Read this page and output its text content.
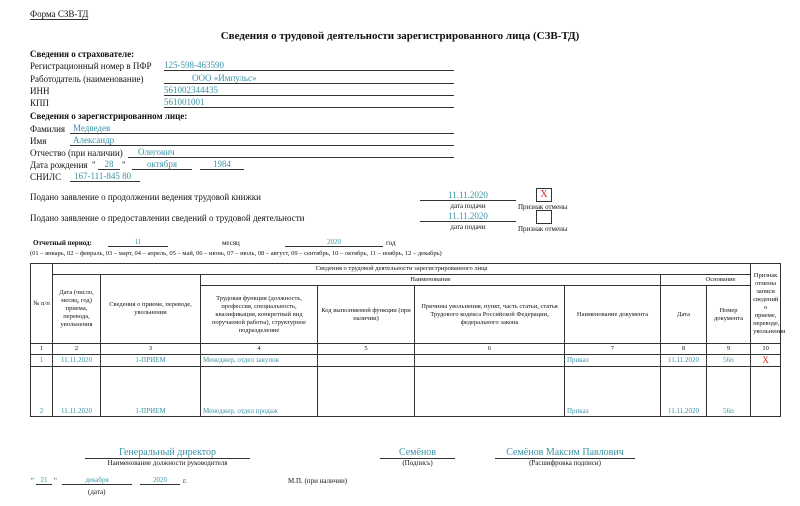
Форма СЗВ-ТД
Сведения о трудовой деятельности зарегистрированного лица (СЗВ-ТД)
Сведения о страхователе:
Регистрационный номер в ПФР 125-598-463590
Работодатель (наименование)	ООО «Импульс»
ИНН	561002344435
КПП	561001001
Сведения о зарегистрированном лице:
Фамилия Медведев
Имя	Александр
Отчество (при наличии)	Олегович
Дата рождения " 28 "	октября	1984
СНИЛС	167-111-845 80
Подано заявление о продолжении ведения трудовой книжки	11.11.2020
дата подачи
X
Признак отмены
Подано заявление о предоставлении сведений о трудовой деятельности	11.11.2020
дата подачи	Признак отмены
Отчетный период:	11	месяц	2020	год
(01 – январь, 02 – февраль, 03 – март, 04 – апрель, 05 – май, 06 – июнь, 07 – июль, 08 – август, 09 – сентябрь, 10 – октябрь, 11 – ноябрь, 12 – декабрь)
№ п/п	Сведения о трудовой деятельности зарегистрированного лица								Признак отмены записи сведений о приеме, переводе, увольнении
	Дата (число, месяц, год) приема, перевода, увольнения	Сведения о приеме, переводе, увольнении	Наименование				Основание		
			Трудовая функция (должность, профессия, специальность, квалификация, конкретный вид поручаемой работы), структурное подразделение	Код выполняемой функции (при наличии)	Причины увольнения, пункт, часть статьи, статья Трудового кодекса Российской Федерации, федерального закона	Наименование документа	Дата	Номер документа	
1	2	3	4	5	6	7	8	9	10
1	11.11.2020	1-ПРИЕМ	Менеджер, отдел закупок			Приказ	11.11.2020	56п	X
2	11.11.2020	1-ПРИЕМ	Менеджер, отдел продаж			Приказ	11.11.2020	56п	
Генеральный директор
Наименование должности руководителя
Семёнов
(Подпись)
Семёнов Максим Павлович
(Расшифровка подписи)
" 21 "	декабря	2020	г.
(дата)
М.П. (при наличии)
